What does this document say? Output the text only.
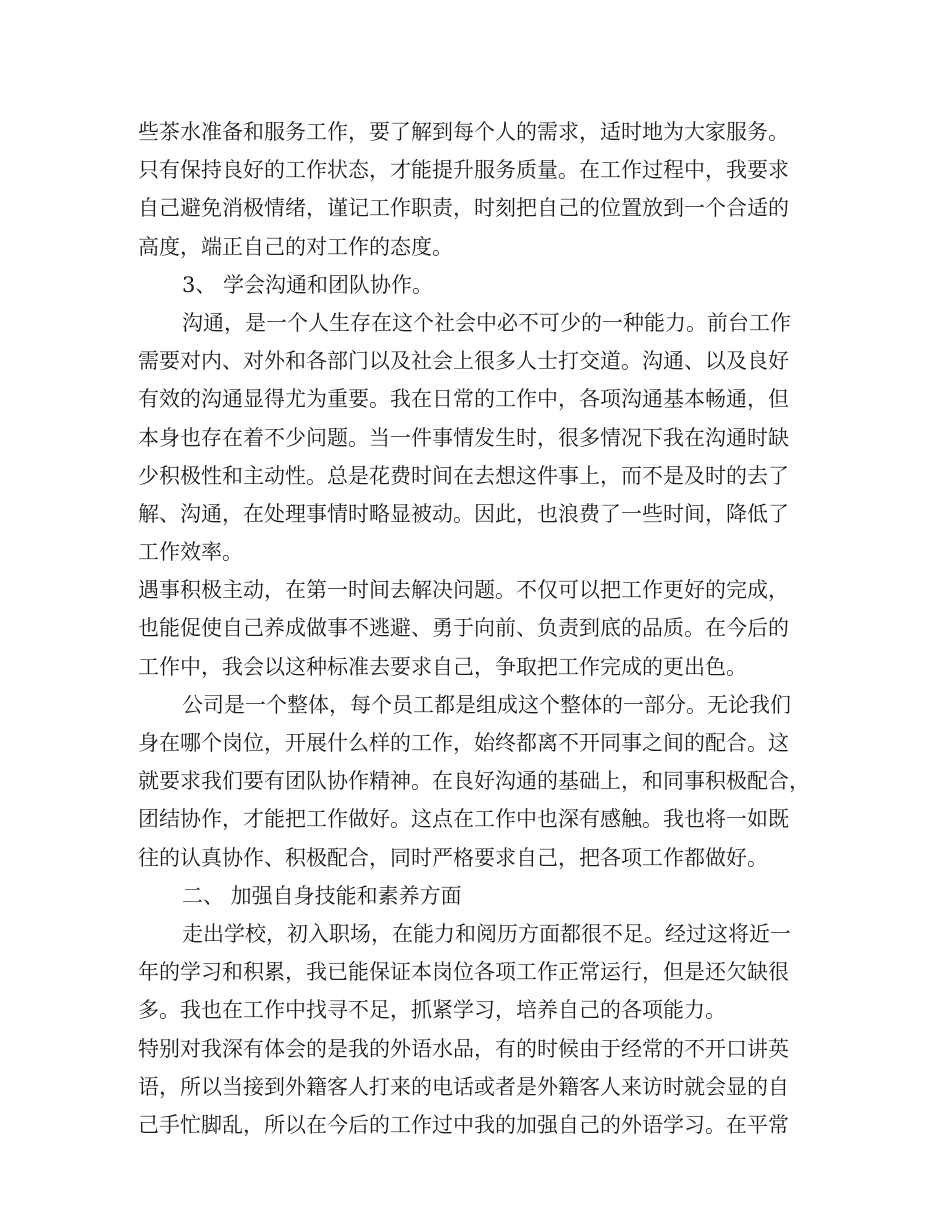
些茶水准备和服务工作，要了解到每个人的需求，适时地为大家服务。
只有保持良好的工作状态，才能提升服务质量。在工作过程中，我要求
自己避免消极情绪，谨记工作职责，时刻把自己的位置放到一个合适的
高度，端正自己的对工作的态度。
3、 学会沟通和团队协作。
沟通，是一个人生存在这个社会中必不可少的一种能力。前台工作
需要对内、对外和各部门以及社会上很多人士打交道。沟通、以及良好
有效的沟通显得尤为重要。我在日常的工作中，各项沟通基本畅通，但
本身也存在着不少问题。当一件事情发生时，很多情况下我在沟通时缺
少积极性和主动性。总是花费时间在去想这件事上，而不是及时的去了
解、沟通，在处理事情时略显被动。因此，也浪费了一些时间，降低了
工作效率。
遇事积极主动，在第一时间去解决问题。不仅可以把工作更好的完成，
也能促使自己养成做事不逃避、勇于向前、负责到底的品质。在今后的
工作中，我会以这种标准去要求自己，争取把工作完成的更出色。
公司是一个整体，每个员工都是组成这个整体的一部分。无论我们
身在哪个岗位，开展什么样的工作，始终都离不开同事之间的配合。这
就要求我们要有团队协作精神。在良好沟通的基础上，和同事积极配合，
团结协作，才能把工作做好。这点在工作中也深有感触。我也将一如既
往的认真协作、积极配合，同时严格要求自己，把各项工作都做好。
二、 加强自身技能和素养方面
走出学校，初入职场，在能力和阅历方面都很不足。经过这将近一
年的学习和积累，我已能保证本岗位各项工作正常运行，但是还欠缺很
多。我也在工作中找寻不足，抓紧学习，培养自己的各项能力。
特别对我深有体会的是我的外语水品，有的时候由于经常的不开口讲英
语，所以当接到外籍客人打来的电话或者是外籍客人来访时就会显的自
己手忙脚乱，所以在今后的工作过中我的加强自己的外语学习。在平常
